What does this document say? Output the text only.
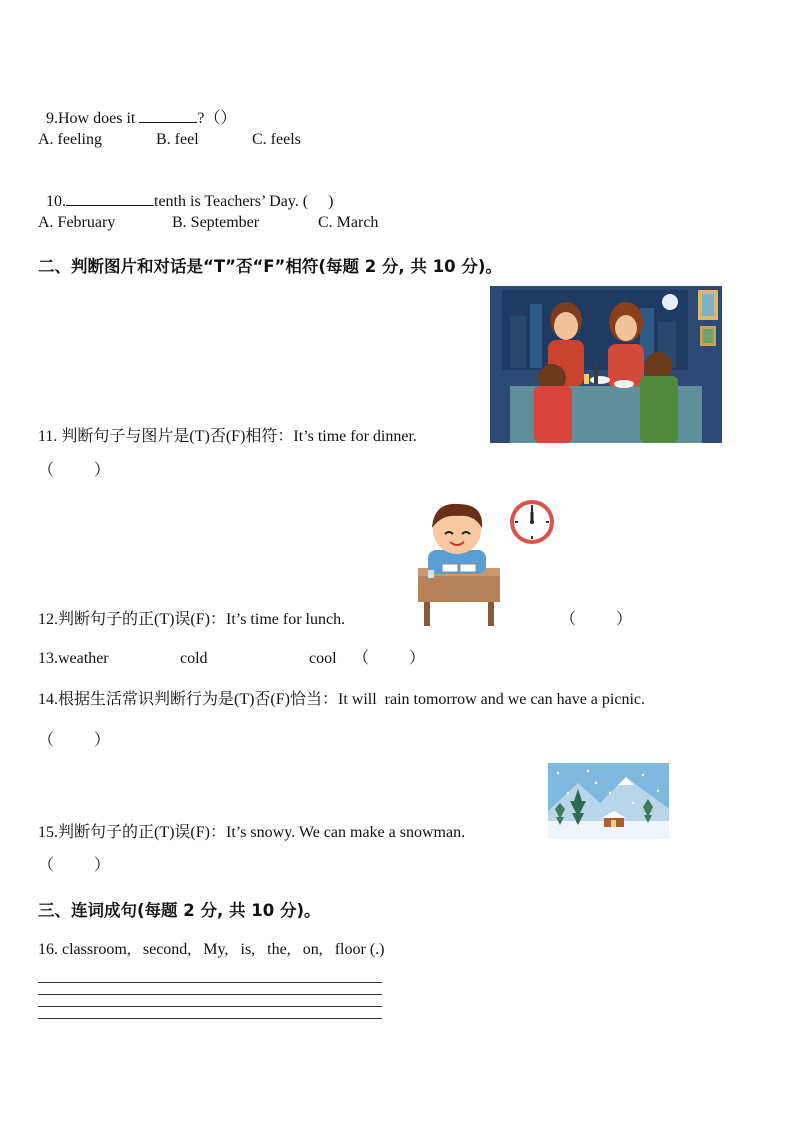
9.How does it	?（）

A. feeling	B. feel	C. feels

10.	tenth is Teachers’ Day. ( )

A. February	B. September	C. March
二、判断图片和对话是“T”否“F”相符(每题 2 分, 共 10 分)。
11. 判断句子与图片是(T)否(F)相符：It’s time for dinner.
（          ）
12.判断句子的正(T)误(F)：It’s time for lunch.	（          ）
13.weather	cold	cool （          ）
14.根据生活常识判断行为是(T)否(F)恰当：It will  rain tomorrow and we can have a picnic.
（          ）
15.判断句子的正(T)误(F)：It’s snowy. We can make a snowman.
（          ）
三、连词成句(每题 2 分, 共 10 分)。
16. classroom,   second,   My,   is,   the,   on,   floor (.)
